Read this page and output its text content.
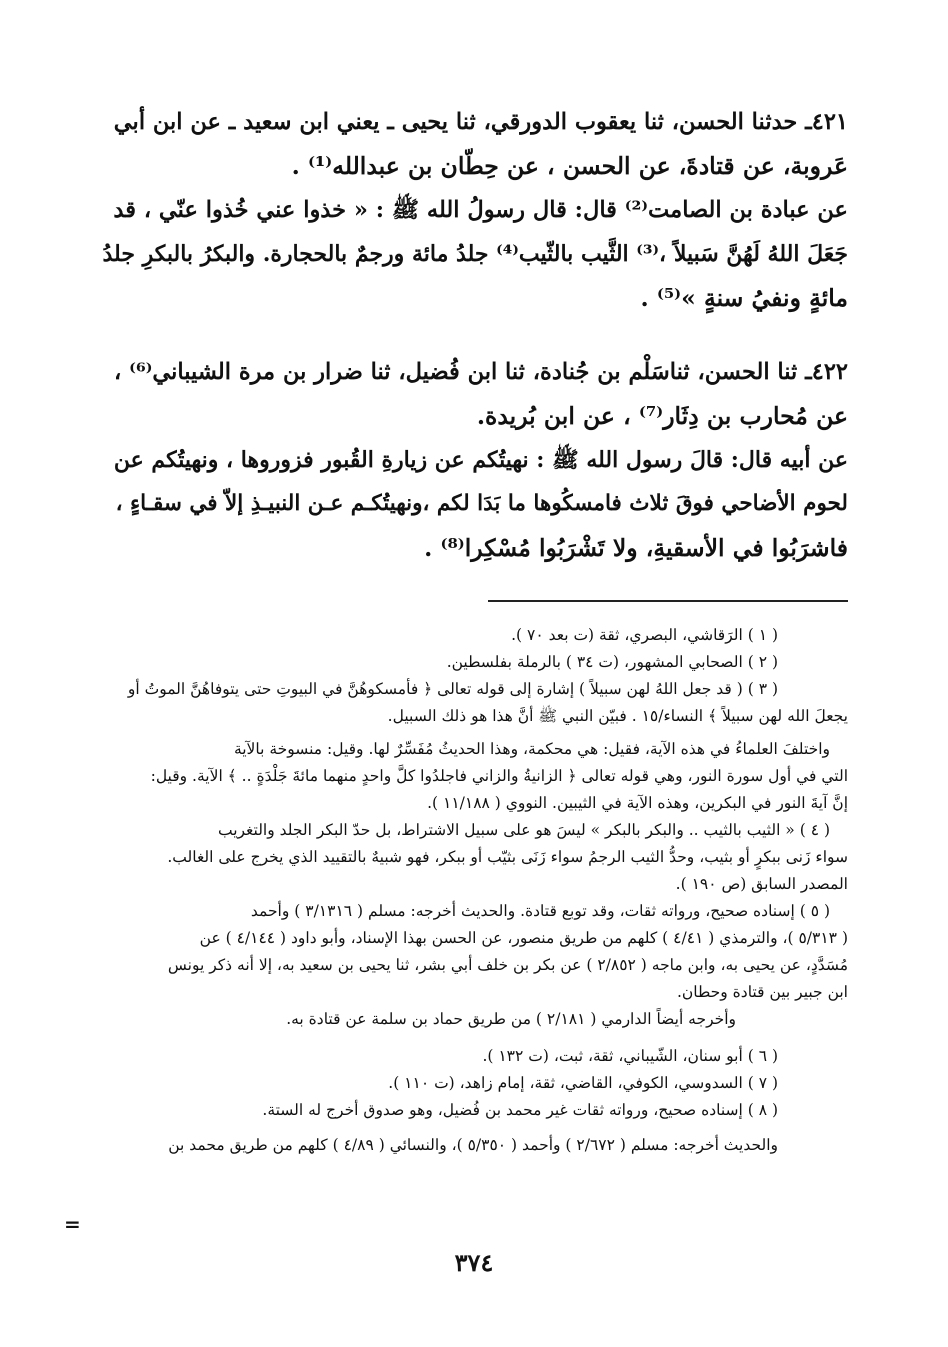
٤٢١ـ حدثنا الحسن، ثنا يعقوب الدورقي، ثنا يحيى ـ يعني ابن سعيد ـ عن ابن أبي
عَروبة، عن قتادةَ، عن الحسن ، عن حِطّان بن عبدالله⁽¹⁾ .
عن عبادة بن الصامت⁽²⁾ قال: قال رسولُ الله ﷺ : « خذوا عني خُذوا عنّي ، قد
جَعَلَ اللهُ لَهُنَّ سَبيلاً ،⁽³⁾ الثَّيب بالثّيب⁽⁴⁾ جلدُ مائة ورجمٌ بالحجارة. والبكرُ بالبكرِ جلدُ
مائةٍ ونفيُ سنةٍ »⁽⁵⁾ .
٤٢٢ـ ثنا الحسن، ثناسَلْم بن جُنادة، ثنا ابن فُضيل، ثنا ضرار بن مرة الشيباني⁽⁶⁾ ،
عن مُحارب بن دِثَار⁽⁷⁾ ، عن ابن بُريدة.
عن أبيه قال: قالَ رسول الله ﷺ : نهيتُكم عن زيارةِ القُبور فزوروها ، ونهيتُكم عن
لحوم الأضاحي فوقَ ثلاث فامسكُوها ما بَدَا لكم ،ونهيتُكـم عـن النبيـذِ إلاّ في سقـاءٍ ،
فاشرَبُوا في الأسقيةِ، ولا تَشْرَبُوا مُسْكِرا⁽⁸⁾ .
( ١ ) الرَقاشي، البصري، ثقة (ت بعد ٧٠ ).
( ٢ ) الصحابي المشهور، (ت ٣٤ ) بالرملة بفلسطين.
( ٣ ) ( قد جعل اللهُ لهن سبيلاً ) إشارة إلى قوله تعالى ﴿ فأمسكوهُنَّ في البيوتِ حتى يتوفاهُنَّ الموتُ أو
يجعلَ الله لهن سبيلاً ﴾ النساء/١٥ . فبيّن النبي ﷺ أنَّ هذا هو ذلك السبيل.
واختلفَ العلماءُ في هذه الآية، فقيل: هي محكمة، وهذا الحديثُ مُفَسِّرٌ لها. وقيل: منسوخة بالآية
التي في أول سورة النور، وهي قوله تعالى ﴿ الزانيةُ والزاني فاجلدُوا كلَّ واحدٍ منهما مائةَ جَلْدَةٍ .. ﴾ الآية. وقيل:
إنَّ آيةَ النور في البكرين، وهذه الآية في الثيبين. النووي ( ١١/١٨٨ ).
( ٤ ) « الثيب بالثيب .. والبكر بالبكر » ليسَ هو على سبيل الاشتراط، بل حدّ البكر الجلد والتغريب
سواء زَنى ببكرٍ أو بثيب، وحدُّ الثيب الرجمُ سواء زَنَى بثيّب أو ببكر، فهو شبيهٌ بالتقييد الذي يخرج على الغالب.
المصدر السابق (ص ١٩٠ ).
( ٥ ) إسناده صحيح، ورواته ثقات، وقد توبع قتادة. والحديث أخرجه: مسلم ( ٣/١٣١٦ ) وأحمد
( ٥/٣١٣ )، والترمذي ( ٤/٤١ ) كلهم من طريق منصور، عن الحسن بهذا الإسناد، وأبو داود ( ٤/١٤٤ ) عن
مُسَدَّدٍ، عن يحيى به، وابن ماجه ( ٢/٨٥٢ ) عن بكر بن خلف أبي بشر، ثنا يحيى بن سعيد به، إلا أنه ذكر يونس
ابن جبير بين قتادة وحطان.
وأخرجه أيضاً الدارمي ( ٢/١٨١ ) من طريق حماد بن سلمة عن قتادة به.
( ٦ ) أبو سنان، الشّيباني، ثقة، ثبت، (ت ١٣٢ ).
( ٧ ) السدوسي، الكوفي، القاضي، ثقة، إمام زاهد، (ت ١١٠ ).
( ٨ ) إسناده صحيح، ورواته ثقات غير محمد بن فُضيل، وهو صدوق أخرج له الستة.
والحديث أخرجه: مسلم ( ٢/٦٧٢ ) وأحمد ( ٥/٣٥٠ )، والنسائي ( ٤/٨٩ ) كلهم من طريق محمد بن
=
٣٧٤
